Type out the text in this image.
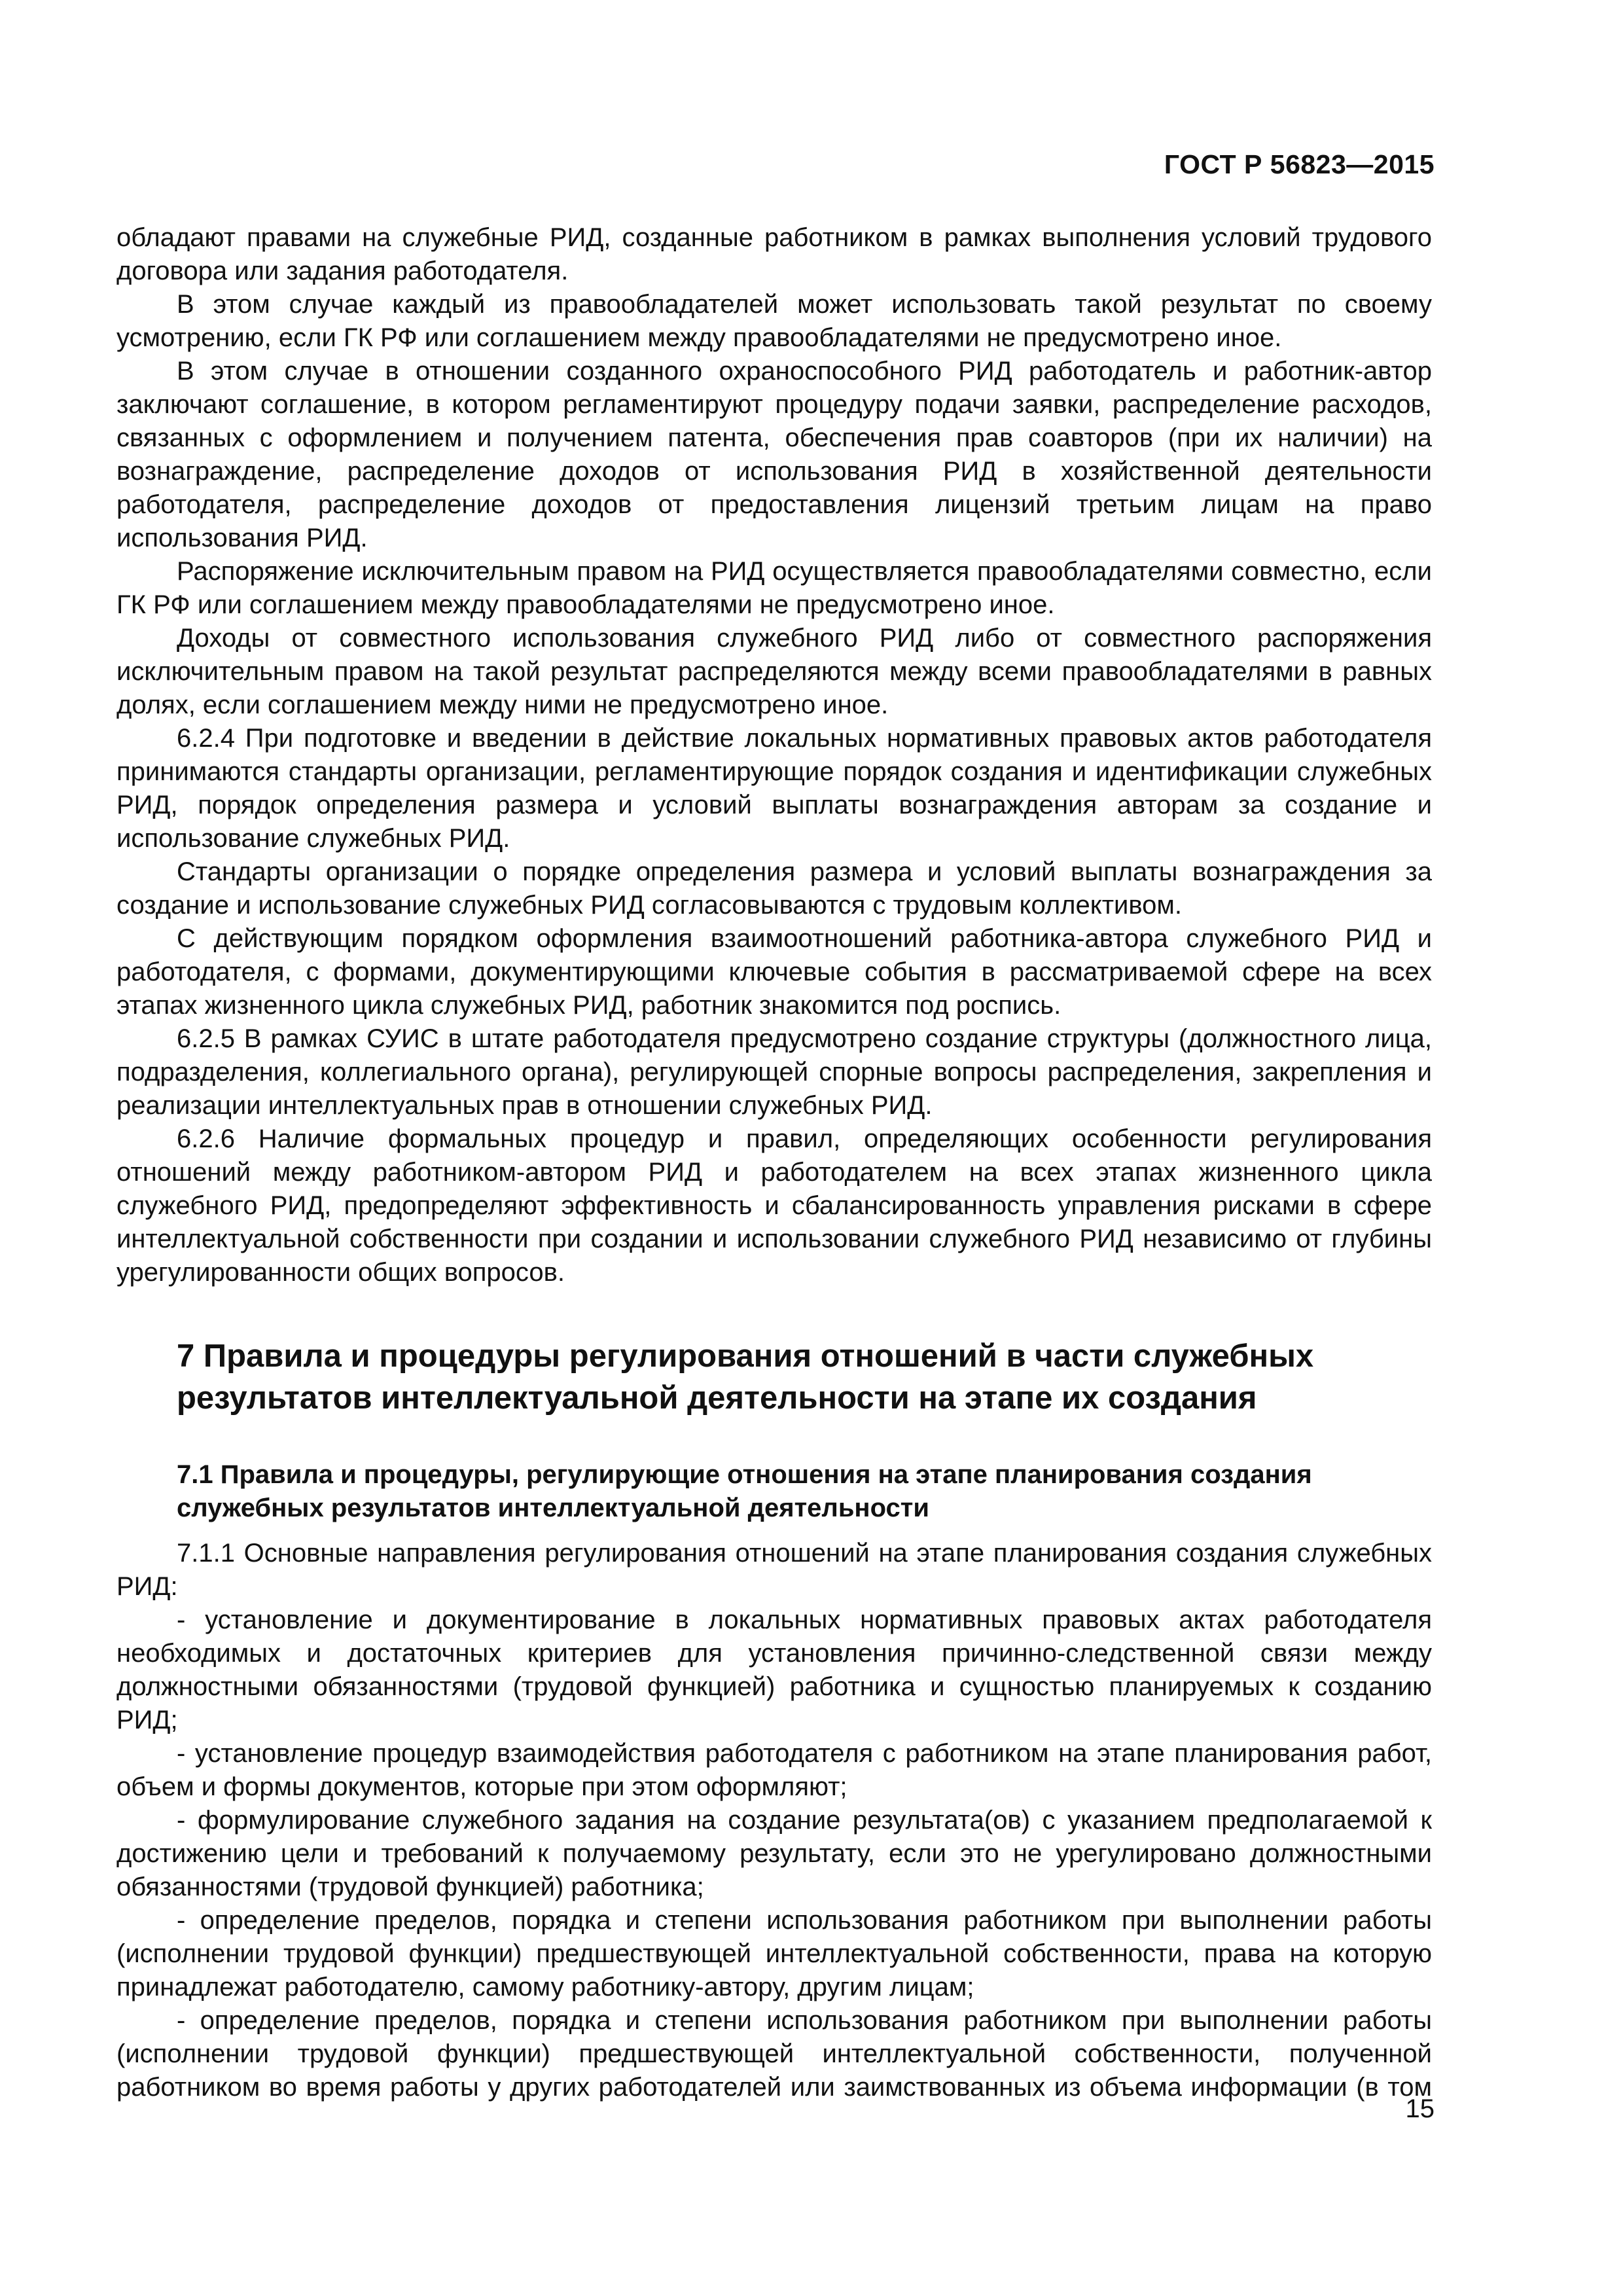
ГОСТ Р 56823—2015

обладают правами на служебные РИД, созданные работником в рамках выполнения условий трудового договора или задания работодателя.

В этом случае каждый из правообладателей может использовать такой результат по своему усмотрению, если ГК РФ или соглашением между правообладателями не предусмотрено иное.

В этом случае в отношении созданного охраноспособного РИД работодатель и работник-автор заключают соглашение, в котором регламентируют процедуру подачи заявки, распределение расходов, связанных с оформлением и получением патента, обеспечения прав соавторов (при их наличии) на вознаграждение, распределение доходов от использования РИД в хозяйственной деятельности работодателя, распределение доходов от предоставления лицензий третьим лицам на право использования РИД.

Распоряжение исключительным правом на РИД осуществляется правообладателями совместно, если ГК РФ или соглашением между правообладателями не предусмотрено иное.

Доходы от совместного использования служебного РИД либо от совместного распоряжения исключительным правом на такой результат распределяются между всеми правообладателями в равных долях, если соглашением между ними не предусмотрено иное.

6.2.4 При подготовке и введении в действие локальных нормативных правовых актов работодателя принимаются стандарты организации, регламентирующие порядок создания и идентификации служебных РИД, порядок определения размера и условий выплаты вознаграждения авторам за создание и использование служебных РИД.

Стандарты организации о порядке определения размера и условий выплаты вознаграждения за создание и использование служебных РИД согласовываются с трудовым коллективом.

С действующим порядком оформления взаимоотношений работника-автора служебного РИД и работодателя, с формами, документирующими ключевые события в рассматриваемой сфере на всех этапах жизненного цикла служебных РИД, работник знакомится под роспись.

6.2.5 В рамках СУИС в штате работодателя предусмотрено создание структуры (должностного лица, подразделения, коллегиального органа), регулирующей спорные вопросы распределения, закрепления и реализации интеллектуальных прав в отношении служебных РИД.

6.2.6 Наличие формальных процедур и правил, определяющих особенности регулирования отношений между работником-автором РИД и работодателем на всех этапах жизненного цикла служебного РИД, предопределяют эффективность и сбалансированность управления рисками в сфере интеллектуальной собственности при создании и использовании служебного РИД независимо от глубины урегулированности общих вопросов.

7 Правила и процедуры регулирования отношений в части служебных
результатов интеллектуальной деятельности на этапе их создания
7.1 Правила и процедуры, регулирующие отношения на этапе планирования создания
служебных результатов интеллектуальной деятельности

7.1.1 Основные направления регулирования отношений на этапе планирования создания служебных РИД:

- установление и документирование в локальных нормативных правовых актах работодателя необходимых и достаточных критериев для установления причинно-следственной связи между должностными обязанностями (трудовой функцией) работника и сущностью планируемых к созданию РИД;

- установление процедур взаимодействия работодателя с работником на этапе планирования работ, объем и формы документов, которые при этом оформляют;

- формулирование служебного задания на создание результата(ов) с указанием предполагаемой к достижению цели и требований к получаемому результату, если это не урегулировано должностными обязанностями (трудовой функцией) работника;

- определение пределов, порядка и степени использования работником при выполнении работы (исполнении трудовой функции) предшествующей интеллектуальной собственности, права на которую принадлежат работодателю, самому работнику-автору, другим лицам;

- определение пределов, порядка и степени использования работником при выполнении работы (исполнении трудовой функции) предшествующей интеллектуальной собственности, полученной работником во время работы у других работодателей или заимствованных из объема информации (в том

15
